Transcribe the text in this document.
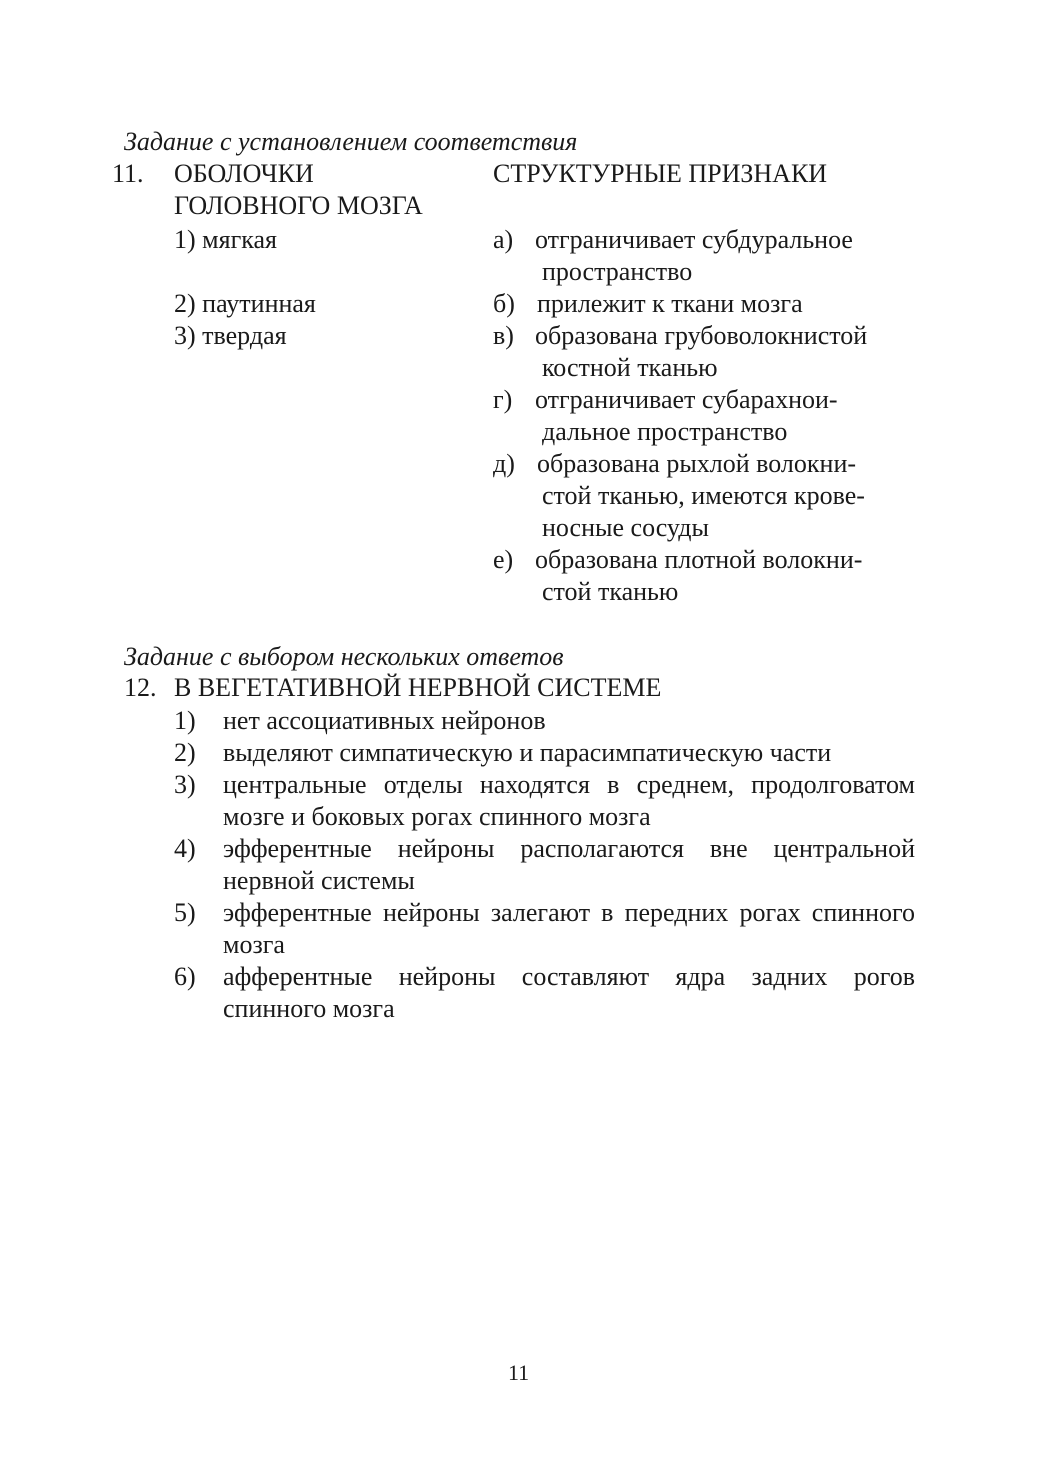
Задание с установлением соответствия
11. ОБОЛОЧКИ
ГОЛОВНОГО МОЗГА
СТРУКТУРНЫЕ ПРИЗНАКИ
1) мягкая
2) паутинная
3) твердая
а) отграничивает субдуральное
пространство
б) прилежит к ткани мозга
в) образована грубоволокнистой
костной тканью
г) отграничивает субарахнои-
дальное пространство
д) образована рыхлой волокни-
стой тканью, имеются крове-
носные сосуды
е) образована плотной волокни-
стой тканью
Задание с выбором нескольких ответов
12. В ВЕГЕТАТИВНОЙ НЕРВНОЙ СИСТЕМЕ
1) нет ассоциативных нейронов
2) выделяют симпатическую и парасимпатическую части
3) центральные отделы находятся в среднем, продолговатом мозге и боковых рогах спинного мозга
4) эфферентные нейроны располагаются вне центральной нервной системы
5) эфферентные нейроны залегают в передних рогах спинного мозга
6) афферентные нейроны составляют ядра задних рогов спинного мозга
11
